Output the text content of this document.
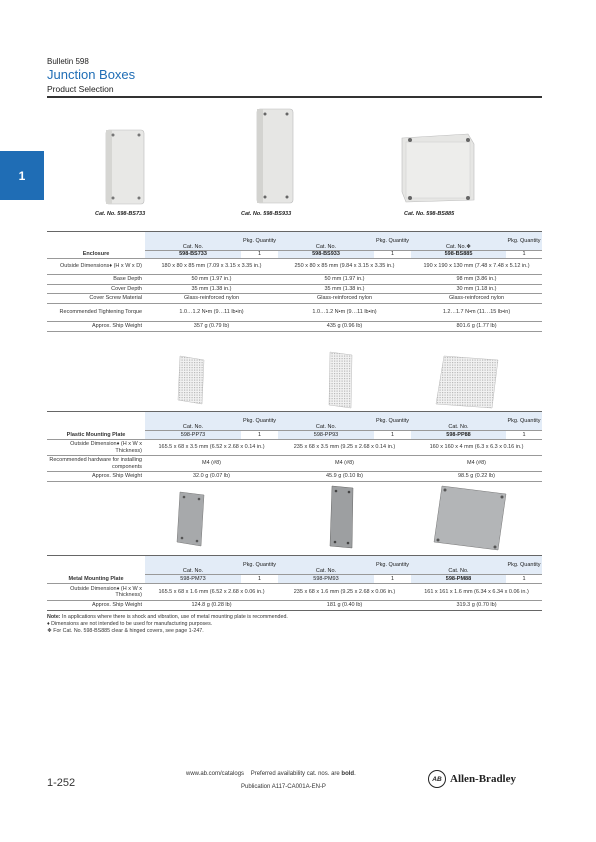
Bulletin 598
Junction Boxes
Product Selection
1
Cat. No. 598-BS733	Cat. No. 598-BS933	Cat. No. 598-BS885
Enclosure	Cat. No.	Pkg. Quantity	Cat. No.	Pkg. Quantity	Cat. No.❖	Pkg. Quantity
	598-BS733	1	598-BS933	1	598-BS885	1
Outside Dimensions♦ (H x W x D)	180 x 80 x 85 mm (7.09 x 3.15 x 3.35 in.)		250 x 80 x 85 mm (9.84 x 3.15 x 3.35 in.)		190 x 190 x 130 mm (7.48 x 7.48 x 5.12 in.)	
Base Depth	50 mm (1.97 in.)		50 mm (1.97 in.)		98 mm (3.86 in.)	
Cover Depth	35 mm (1.38 in.)		35 mm (1.38 in.)		30 mm (1.18 in.)	
Cover Screw Material	Glass-reinforced nylon		Glass-reinforced nylon		Glass-reinforced nylon	
Recommended Tightening Torque	1.0…1.2 N•m (9…11 lb•in)		1.0…1.2 N•m (9…11 lb•in)		1.2…1.7 N•m (11…15 lb•in)	
Approx. Ship Weight	357 g (0.79 lb)		435 g (0.96 lb)		801.6 g (1.77 lb)	
Plastic Mounting Plate	Cat. No.	Pkg. Quantity	Cat. No.	Pkg. Quantity	Cat. No.	Pkg. Quantity
	598-PP73	1	598-PP93	1	598-PP88	1
Outside Dimension♦ (H x W x Thickness)	165.5 x 68 x 3.5 mm (6.52 x 2.68 x 0.14 in.)		235 x 68 x 3.5 mm (9.25 x 2.68 x 0.14 in.)		160 x 160 x 4 mm (6.3 x 6.3 x 0.16 in.)	
Recommended hardware for installing components	M4 (#8)		M4 (#8)		M4 (#8)	
Approx. Ship Weight	32.0 g (0.07 lb)		45.9 g (0.10 lb)		98.5 g (0.22 lb)	
Metal Mounting Plate	Cat. No.	Pkg. Quantity	Cat. No.	Pkg. Quantity	Cat. No.	Pkg. Quantity
	598-PM73	1	598-PM93	1	598-PM88	1
Outside Dimension♦ (H x W x Thickness)	165.5 x 68 x 1.6 mm (6.52 x 2.68 x 0.06 in.)		235 x 68 x 1.6 mm (9.25 x 2.68 x 0.06 in.)		161 x 161 x 1.6 mm (6.34 x 6.34 x 0.06 in.)	
Approx. Ship Weight	124.8 g (0.28 lb)		181 g (0.40 lb)		319.3 g (0.70 lb)	
Note: In applications where there is shock and vibration, use of metal mounting plate is recommended.
♦ Dimensions are not intended to be used for manufacturing purposes.
❖ For Cat. No. 598-BS885 clear & hinged covers, see page 1-247.
1-252
www.ab.com/catalogs Preferred availability cat. nos. are bold.
Publication A117-CA001A-EN-P
AB Allen-Bradley
